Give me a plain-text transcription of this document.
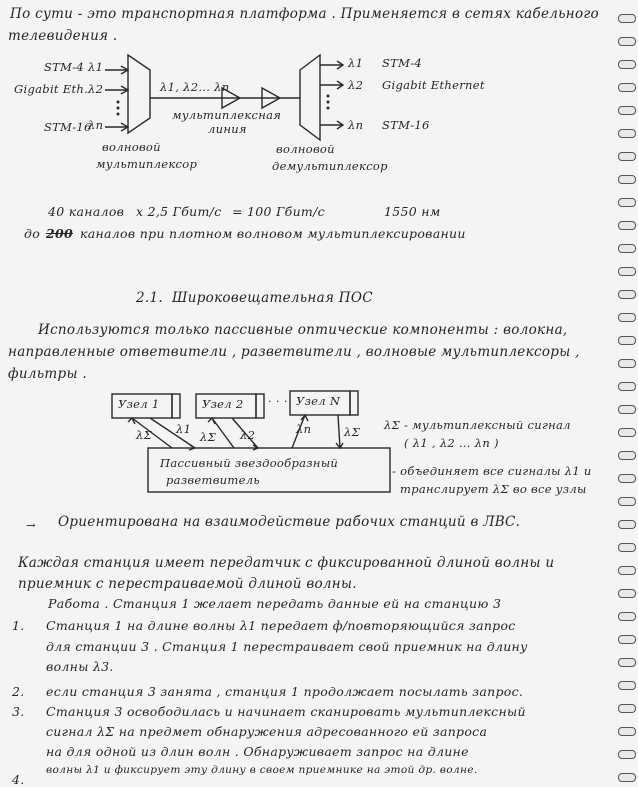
По сути - это транспортная платформа . Применяется в сетях кабельного
телевидения .
STM-4 λ1
Gigabit Eth. λ2
STM-16
λn
λ1 STM-4
λ2 Gigabit Ethernet
λn STM-16
λ1, λ2... λn
мультиплексная
линия
волновой
мультиплексор
волновой
демультиплексор
40 каналов x 2,5 Гбит/с = 100 Гбит/с	1550 нм
до 200 каналов при плотном волновом мультиплексировании
2.1. Широковещательная ПОС
Используются только пассивные оптические компоненты : волокна,
направленные ответвители , разветвители , волновые мультиплексоры ,
фильтры .
Узел 1	Узел 2 · · · Узел N
λΣ λ1
λΣ λ2	λn	λΣ
Пассивный звездообразный
разветвитель
λΣ - мультиплексный сигнал
( λ1 , λ2 ... λn )
- объединяет все сигналы λ1 и
транслирует λΣ во все узлы
→ Ориентирована на взаимодействие рабочих станций в ЛВС.
Каждая станция имеет передатчик с фиксированной длиной волны и
приемник с перестраиваемой длиной волны.
Работа . Станция 1 желает передать данные ей на станцию 3
1. Станция 1 на длине волны λ1 передает ф/повторяющийся запрос
для станции 3 . Станция 1 перестраивает свой приемник на длину
волны λ3.
2. если станция 3 занята , станция 1 продолжает посылать запрос.
3. Станция 3 освободилась и начинает сканировать мультиплексный
сигнал λΣ на предмет обнаружения адресованного ей запроса
на для одной из длин волн . Обнаруживает запрос на длине
волны λ1 и фиксирует эту длину в своем приемнике на этой др. волне.
4.
